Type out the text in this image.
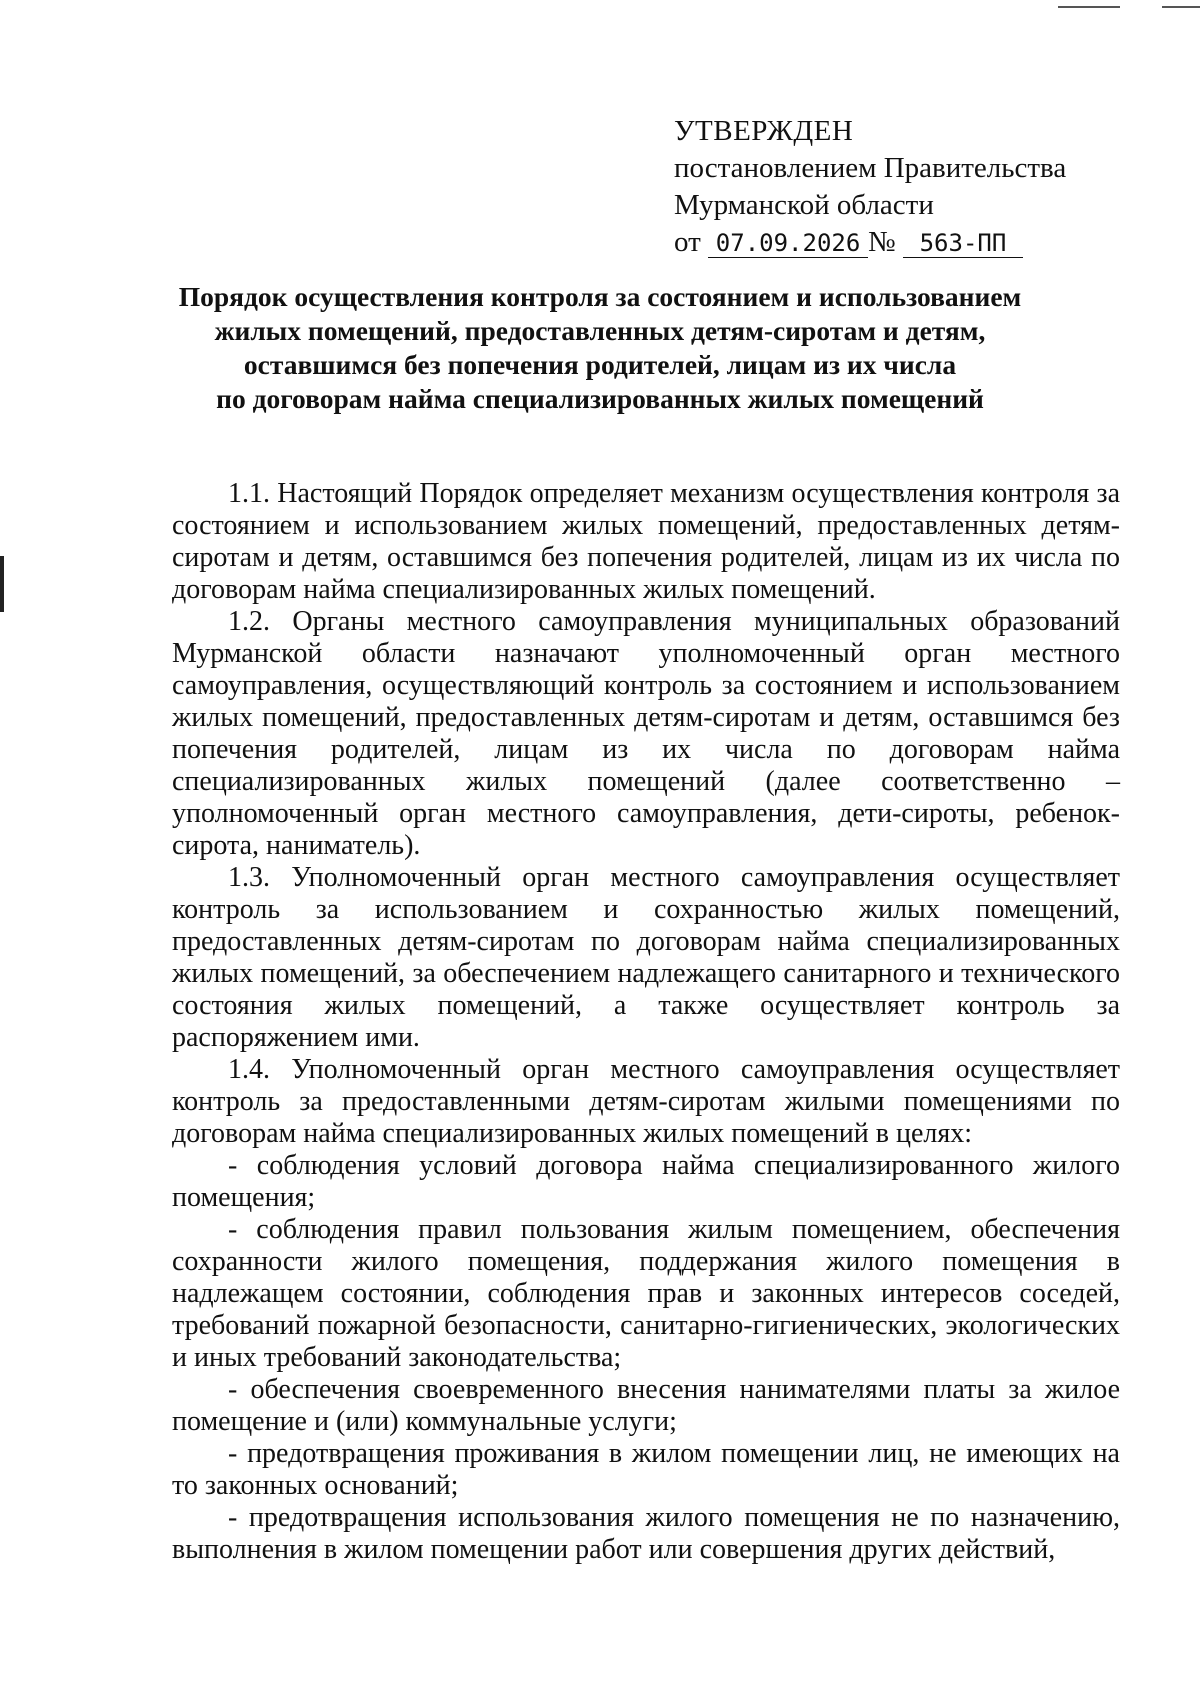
УТВЕРЖДЕН
постановлением Правительства
Мурманской области
от 07.09.2026 № 563-ПП
Порядок осуществления контроля за состоянием и использованием
жилых помещений, предоставленных детям-сиротам и детям,
оставшимся без попечения родителей, лицам из их числа
по договорам найма специализированных жилых помещений

1.1. Настоящий Порядок определяет механизм осуществления контроля за состоянием и использованием жилых помещений, предоставленных детям-сиротам и детям, оставшимся без попечения родителей, лицам из их числа по договорам найма специализированных жилых помещений.

1.2. Органы местного самоуправления муниципальных образований Мурманской области назначают уполномоченный орган местного самоуправления, осуществляющий контроль за состоянием и использованием жилых помещений, предоставленных детям-сиротам и детям, оставшимся без попечения родителей, лицам из их числа по договорам найма специализированных жилых помещений (далее соответственно – уполномоченный орган местного самоуправления, дети-сироты, ребенок-сирота, наниматель).

1.3. Уполномоченный орган местного самоуправления осуществляет контроль за использованием и сохранностью жилых помещений, предоставленных детям-сиротам по договорам найма специализированных жилых помещений, за обеспечением надлежащего санитарного и технического состояния жилых помещений, а также осуществляет контроль за распоряжением ими.

1.4. Уполномоченный орган местного самоуправления осуществляет контроль за предоставленными детям-сиротам жилыми помещениями по договорам найма специализированных жилых помещений в целях:

- соблюдения условий договора найма специализированного жилого помещения;

- соблюдения правил пользования жилым помещением, обеспечения сохранности жилого помещения, поддержания жилого помещения в надлежащем состоянии, соблюдения прав и законных интересов соседей, требований пожарной безопасности, санитарно-гигиенических, экологических и иных требований законодательства;

- обеспечения своевременного внесения нанимателями платы за жилое помещение и (или) коммунальные услуги;

- предотвращения проживания в жилом помещении лиц, не имеющих на то законных оснований;

- предотвращения использования жилого помещения не по назначению, выполнения в жилом помещении работ или совершения других действий,
